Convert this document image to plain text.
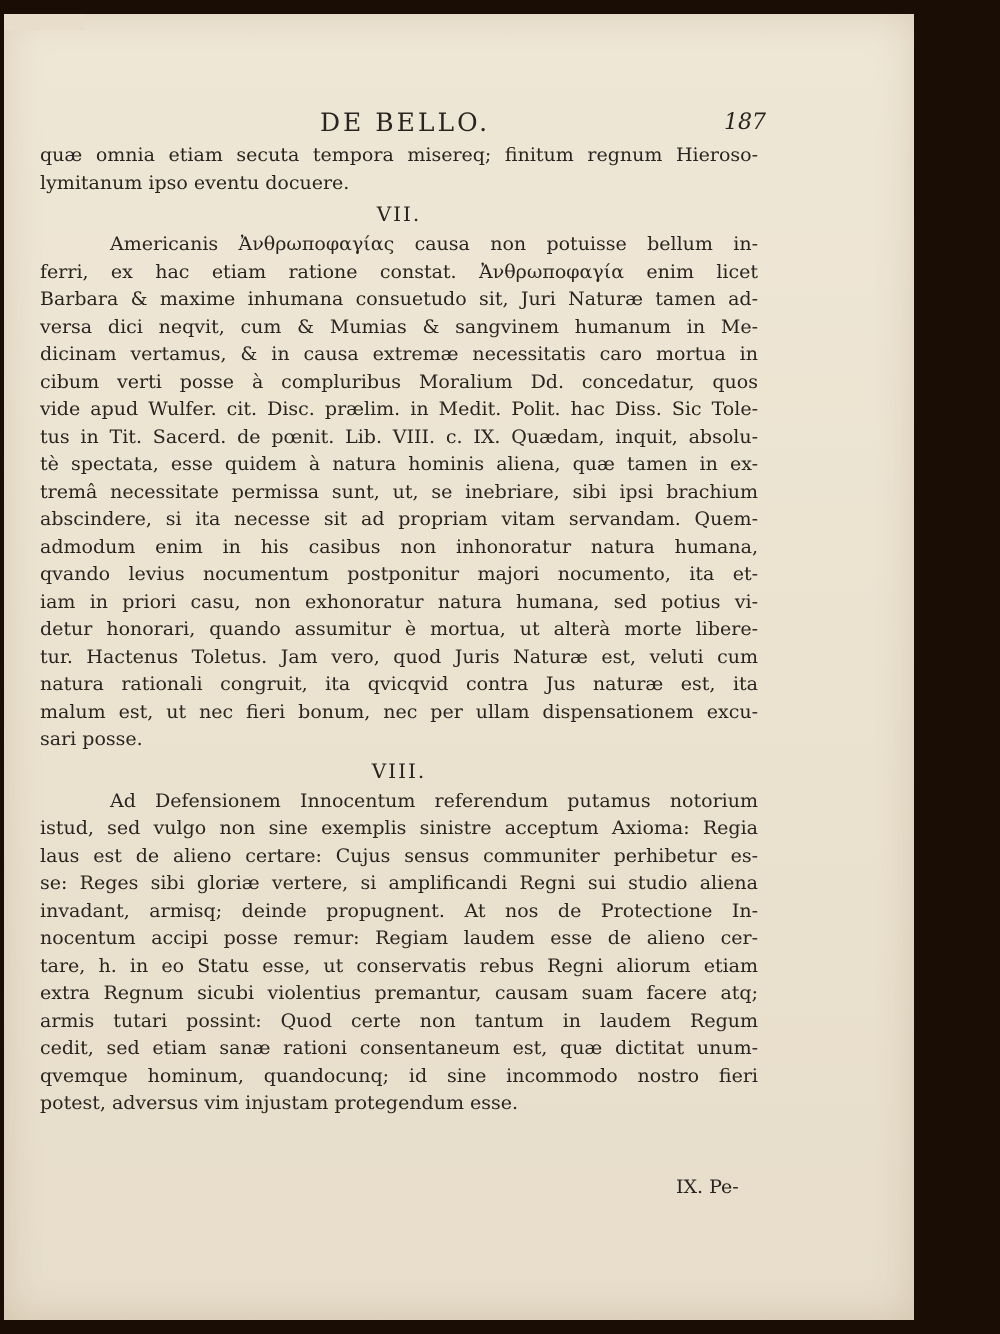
DE BELLO.	187
quæ omnia etiam secuta tempora misereq; finitum regnum Hieroso-
lymitanum ipso eventu docuere.
VII.
Americanis Ἀνθρωποφαγίας causa non potuisse bellum in-
ferri, ex hac etiam ratione constat. Ἀνθρωποφαγία enim licet
Barbara & maxime inhumana consuetudo sit, Juri Naturæ tamen ad-
versa dici neqvit, cum & Mumias & sangvinem humanum in Me-
dicinam vertamus, & in causa extremæ necessitatis caro mortua in
cibum verti posse à compluribus Moralium Dd. concedatur, quos
vide apud Wulfer. cit. Disc. prælim. in Medit. Polit. hac Diss. Sic Tole-
tus in Tit. Sacerd. de pœnit. Lib. VIII. c. IX. Quædam, inquit, absolu-
tè spectata, esse quidem à natura hominis aliena, quæ tamen in ex-
tremâ necessitate permissa sunt, ut, se inebriare, sibi ipsi brachium
abscindere, si ita necesse sit ad propriam vitam servandam. Quem-
admodum enim in his casibus non inhonoratur natura humana,
qvando levius nocumentum postponitur majori nocumento, ita et-
iam in priori casu, non exhonoratur natura humana, sed potius vi-
detur honorari, quando assumitur è mortua, ut alterà morte libere-
tur. Hactenus Toletus. Jam vero, quod Juris Naturæ est, veluti cum
natura rationali congruit, ita qvicqvid contra Jus naturæ est, ita
malum est, ut nec fieri bonum, nec per ullam dispensationem excu-
sari posse.
VIII.
Ad Defensionem Innocentum referendum putamus notorium
istud, sed vulgo non sine exemplis sinistre acceptum Axioma: Regia
laus est de alieno certare: Cujus sensus communiter perhibetur es-
se: Reges sibi gloriæ vertere, si amplificandi Regni sui studio aliena
invadant, armisq; deinde propugnent. At nos de Protectione In-
nocentum accipi posse remur: Regiam laudem esse de alieno cer-
tare, h. in eo Statu esse, ut conservatis rebus Regni aliorum etiam
extra Regnum sicubi violentius premantur, causam suam facere atq;
armis tutari possint: Quod certe non tantum in laudem Regum
cedit, sed etiam sanæ rationi consentaneum est, quæ dictitat unum-
qvemque hominum, quandocunq; id sine incommodo nostro fieri
potest, adversus vim injustam protegendum esse.
IX. Pe-
